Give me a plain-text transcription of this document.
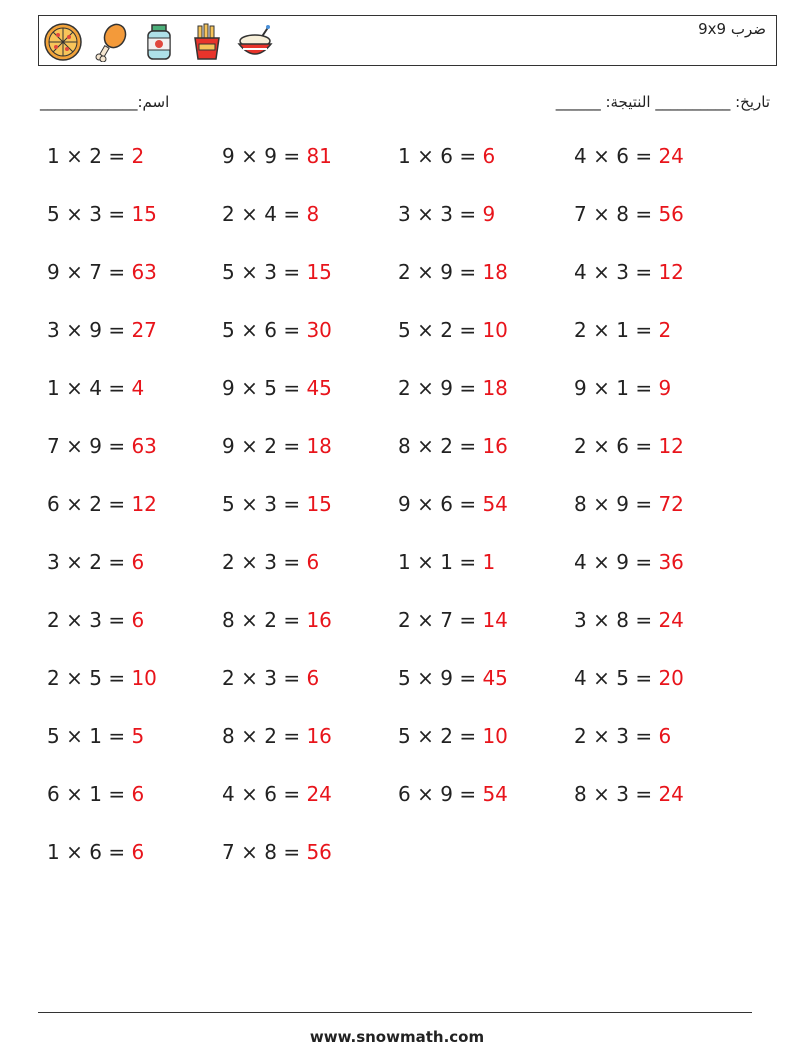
ضرب 9x9
اسم:_____________	______ :تاريخ: __________ النتيجة
1 × 2 = 2	9 × 9 = 81	1 × 6 = 6	4 × 6 = 24
5 × 3 = 15	2 × 4 = 8	3 × 3 = 9	7 × 8 = 56
9 × 7 = 63	5 × 3 = 15	2 × 9 = 18	4 × 3 = 12
3 × 9 = 27	5 × 6 = 30	5 × 2 = 10	2 × 1 = 2
1 × 4 = 4	9 × 5 = 45	2 × 9 = 18	9 × 1 = 9
7 × 9 = 63	9 × 2 = 18	8 × 2 = 16	2 × 6 = 12
6 × 2 = 12	5 × 3 = 15	9 × 6 = 54	8 × 9 = 72
3 × 2 = 6	2 × 3 = 6	1 × 1 = 1	4 × 9 = 36
2 × 3 = 6	8 × 2 = 16	2 × 7 = 14	3 × 8 = 24
2 × 5 = 10	2 × 3 = 6	5 × 9 = 45	4 × 5 = 20
5 × 1 = 5	8 × 2 = 16	5 × 2 = 10	2 × 3 = 6
6 × 1 = 6	4 × 6 = 24	6 × 9 = 54	8 × 3 = 24
1 × 6 = 6	7 × 8 = 56
www.snowmath.com
